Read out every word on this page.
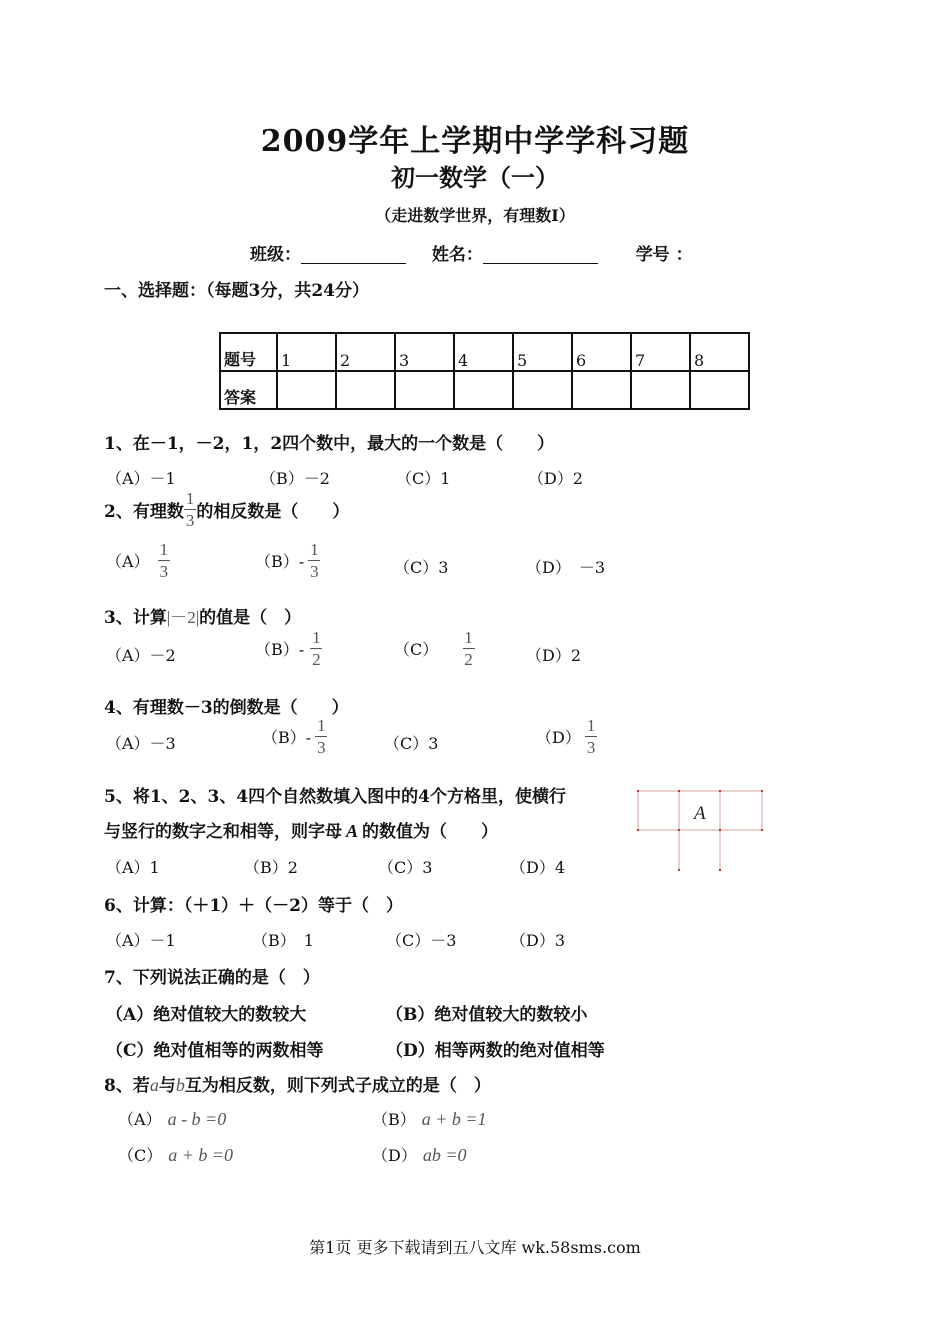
2009学年上学期中学学科习题
初一数学（一）
（走进数学世界，有理数Ⅰ）
班级：	姓名：	学号 ：
一、选择题：（每题3分，共24分）
题号	1	2	3	4	5	6	7	8
答案								
1、在－1，－2，1，2四个数中，最大的一个数是（　　）
（A）－1	（B）－2	（C）1	（D）2
2、有理数 $\frac{1}{3}$ 的相反数是（　　）
$(A) \frac{1}{3}$	$(B)- \frac{1}{3}$	（C）3	（D）　－3
3、计算 |－2| 的值是（　）
（A）－2	$(B)- \frac{1}{2}$	$(C) \frac{1}{2}$	（D）2
4、有理数－3的倒数是（　　）
（A）－3	$(B)- \frac{1}{3}$	（C）3	$(D) \frac{1}{3}$
5、将1、2、3、4四个自然数填入图中的4个方格里，使横行
与竖行的数字之和相等，则字母 A 的数值为（　　）
A
（A）1	（B）2	（C）3	（D）4
6、计算：（＋1）＋（－2）等于（　）
（A）－1	（B）　1	（C）－3	（D）3
7、下列说法正确的是（　）
（A）绝对值较大的数较大	（B）绝对值较大的数较小
（C）绝对值相等的两数相等	（D）相等两数的绝对值相等
8、若a与b互为相反数，则下列式子成立的是（　）
（A） a - b =0	（B） a + b =1
（C） a + b =0	（D） ab =0
第1页 更多下载请到五八文库 wk.58sms.com
